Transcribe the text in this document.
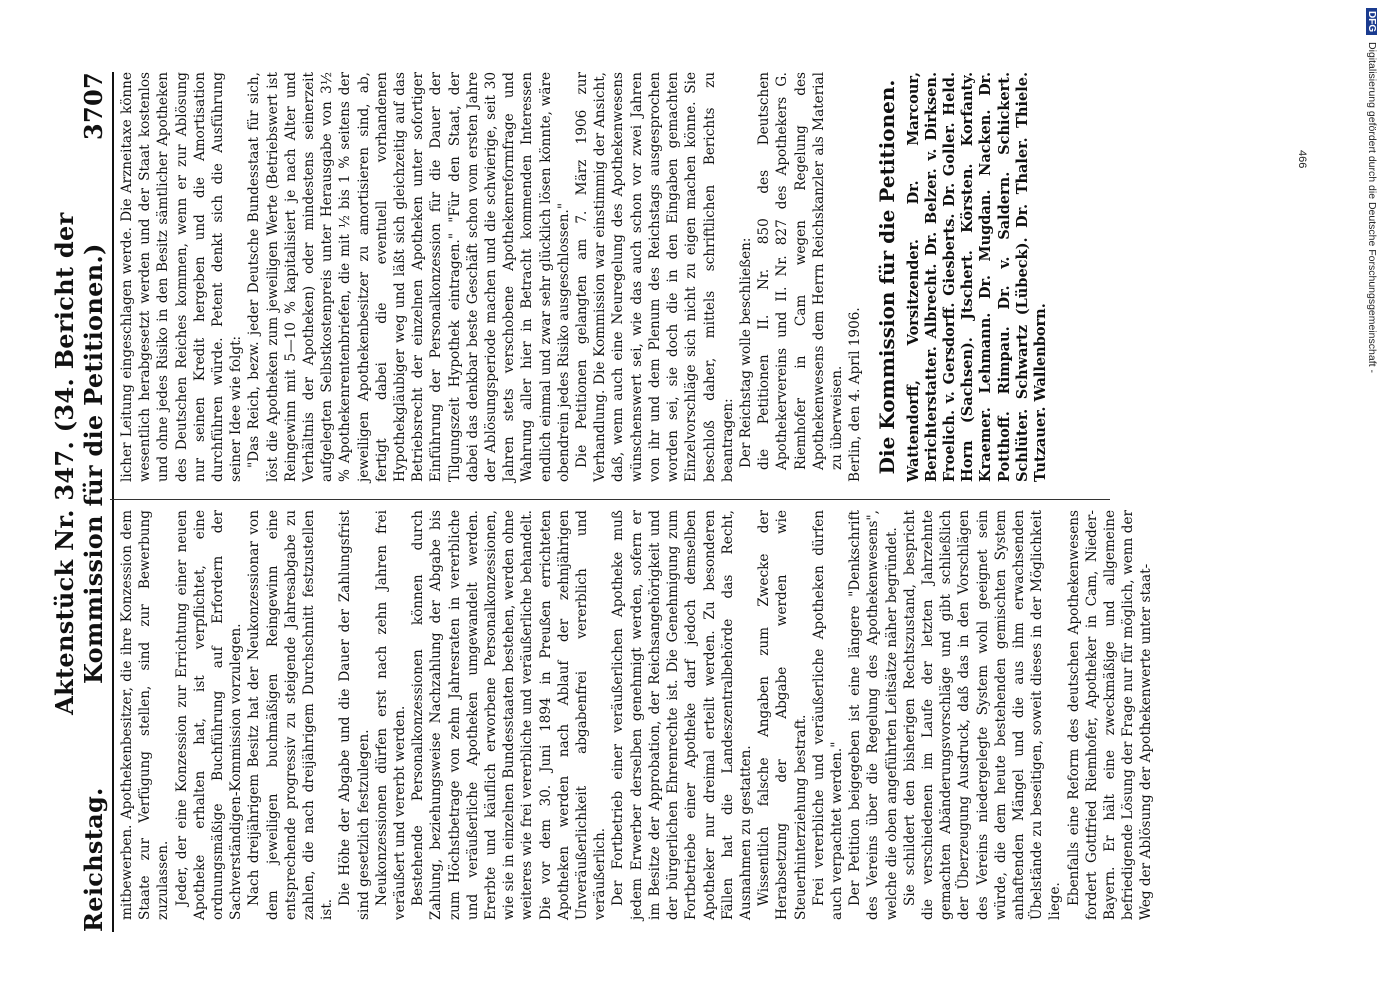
Reichstag.
Aktenstück Nr. 347. (34. Bericht der Kommission für die Petitionen.)
3707

mitbewerben. Apothekenbesitzer, die ihre Konzession dem Staate zur Verfügung stellen, sind zur Bewerbung zuzulassen. Jeder, der eine Konzession zur Errichtung einer neuen Apotheke erhalten hat, ist verpflichtet, eine ordnungsmäßige Buchführung auf Erfordern der Sachverständigen-Kommission vorzulegen. Nach dreijährigem Besitz hat der Neukonzessionar von dem jeweiligen buchmäßigen Reingewinn eine entsprechende progressiv zu steigende Jahresabgabe zu zahlen, die nach dreijährigem Durchschnitt festzustellen ist.

Die Höhe der Abgabe und die Dauer der Zahlungsfrist sind gesetzlich festzulegen. Neukonzessionen dürfen erst nach zehn Jahren frei veräußert und vererbt werden. Bestehende Personalkonzessionen können durch Zahlung, beziehungsweise Nachzahlung der Abgabe bis zum Höchstbetrage von zehn Jahresraten in vererbliche und veräußerliche Apotheken umgewandelt werden. Ererbte und käuflich erworbene Personalkonzessionen, wie sie in einzelnen Bundesstaaten bestehen, werden ohne weiteres wie frei vererbliche und veräußerliche behandelt. Die vor dem 30. Juni 1894 in Preußen errichteten Apotheken werden nach Ablauf der zehnjährigen Unveräußerlichkeit abgabenfrei vererblich und veräußerlich. Der Fortbetrieb einer veräußerlichen Apotheke muß jedem Erwerber derselben genehmigt werden, sofern er im Besitze der Approbation, der Reichsangehörigkeit und der bürgerlichen Ehrenrechte ist. Die Genehmigung zum Fortbetriebe einer Apotheke darf jedoch demselben Apotheker nur dreimal erteilt werden. Zu besonderen Fällen hat die Landeszentralbehörde das Recht, Ausnahmen zu gestatten. Wissentlich falsche Angaben zum Zwecke der Herabsetzung der Abgabe werden wie Steuerhinterziehung bestraft. Frei vererbliche und veräußerliche Apotheken dürfen auch verpachtet werden." Der Petition beigegeben ist eine längere "Denkschrift des Vereins über die Regelung des Apothekenwesens", welche die oben angeführten Leitsätze näher begründet. Sie schildert den bisherigen Rechtszustand, bespricht die verschiedenen im Laufe der letzten Jahrzehnte gemachten Abänderungsvorschläge und gibt schließlich der Überzeugung Ausdruck, daß das in den Vorschlägen des Vereins niedergelegte System wohl geeignet sein würde, die dem heute bestehenden gemischten System anhaftenden Mängel und die aus ihm erwachsenden Übelstände zu beseitigen, soweit dieses in der Möglichkeit liege. Ebenfalls eine Reform des deutschen Apothekenwesens fordert Gottfried Riemhofer, Apotheker in Cam, Nieder-Bayern. Er hält eine zweckmäßige und allgemeine befriedigende Lösung der Frage nur für möglich, wenn der Weg der Ablösung der Apothekenwerte unter staat-

licher Leitung eingeschlagen werde. Die Arzneitaxe könne wesentlich herabgesetzt werden und der Staat kostenlos und ohne jedes Risiko in den Besitz sämtlicher Apotheken des Deutschen Reiches kommen, wenn er zur Ablösung nur seinen Kredit hergeben und die Amortisation durchführen würde. Petent denkt sich die Ausführung seiner Idee wie folgt: "Das Reich, bezw. jeder Deutsche Bundesstaat für sich, löst die Apotheken zum jeweiligen Werte (Betriebswert ist Reingewinn mit 5—10 % kapitalisiert je nach Alter und Verhältnis der Apotheken) oder mindestens seinerzeit aufgelegten Selbstkostenpreis unter Herausgabe von 3½ % Apothekenrentenbriefen, die mit ½ bis 1 % seitens der jeweiligen Apothekenbesitzer zu amortisieren sind, ab, fertigt dabei die eventuell vorhandenen Hypothekgläubiger weg und läßt sich gleichzeitig auf das Betriebsrecht der einzelnen Apotheken unter sofortiger Einführung der Personalkonzession für die Dauer der Tilgungszeit Hypothek eintragen." "Für den Staat, der dabei das denkbar beste Geschäft schon vom ersten Jahre der Ablösungsperiode machen und die schwierige, seit 30 Jahren stets verschobene Apothekenreformfrage und Wahrung aller hier in Betracht kommenden Interessen endlich einmal und zwar sehr glücklich lösen könnte, wäre obendrein jedes Risiko ausgeschlossen." Die Petitionen gelangten am 7. März 1906 zur Verhandlung. Die Kommission war einstimmig der Ansicht, daß, wenn auch eine Neuregelung des Apothekenwesens wünschenswert sei, wie das auch schon vor zwei Jahren von ihr und dem Plenum des Reichstags ausgesprochen worden sei, sie doch die in den Eingaben gemachten Einzelvorschläge sich nicht zu eigen machen könne. Sie beschloß daher, mittels schriftlichen Berichts zu beantragen: Der Reichstag wolle beschließen: die Petitionen II. Nr. 850 des Deutschen Apothekervereins und II. Nr. 827 des Apothekers G. Riemhofer in Cam wegen Regelung des Apothekenwesens dem Herrn Reichskanzler als Material zu überweisen. Berlin, den 4. April 1906. Die Kommission für die Petitionen. Wattendorff, Vorsitzender. Dr. Marcour, Berichterstatter. Albrecht. Dr. Belzer. v. Dirksen. Froelich. v. Gersdorff. Giesberts. Dr. Goller. Held. Horn (Sachsen). Jtschert. Körsten. Korfanty. Kraemer. Lehmann. Dr. Mugdan. Nacken. Dr. Potthoff. Rimpau. Dr. v. Saldern. Schickert. Schlüter. Schwartz (Lübeck). Dr. Thaler. Thiele. Tutzauer. Wallenborn.

466
DFG Digitalisierung gefördert durch die Deutsche Forschungsgemeinschaft -
